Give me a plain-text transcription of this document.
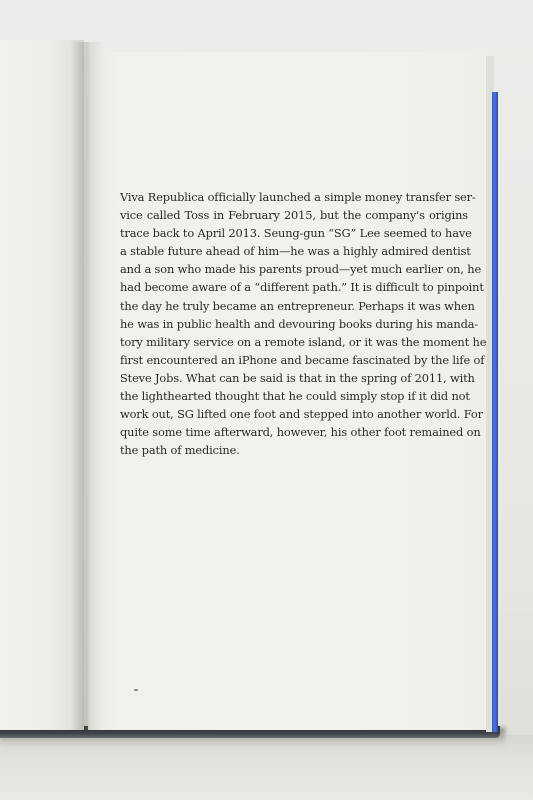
Viva Republica officially launched a simple money transfer ser-
vice called Toss in February 2015, but the company's origins
trace back to April 2013. Seung-gun “SG” Lee seemed to have
a stable future ahead of him—he was a highly admired dentist
and a son who made his parents proud—yet much earlier on, he
had become aware of a “different path.” It is difficult to pinpoint
the day he truly became an entrepreneur. Perhaps it was when
he was in public health and devouring books during his manda-
tory military service on a remote island, or it was the moment he
first encountered an iPhone and became fascinated by the life of
Steve Jobs. What can be said is that in the spring of 2011, with
the lighthearted thought that he could simply stop if it did not
work out, SG lifted one foot and stepped into another world. For
quite some time afterward, however, his other foot remained on
the path of medicine.
